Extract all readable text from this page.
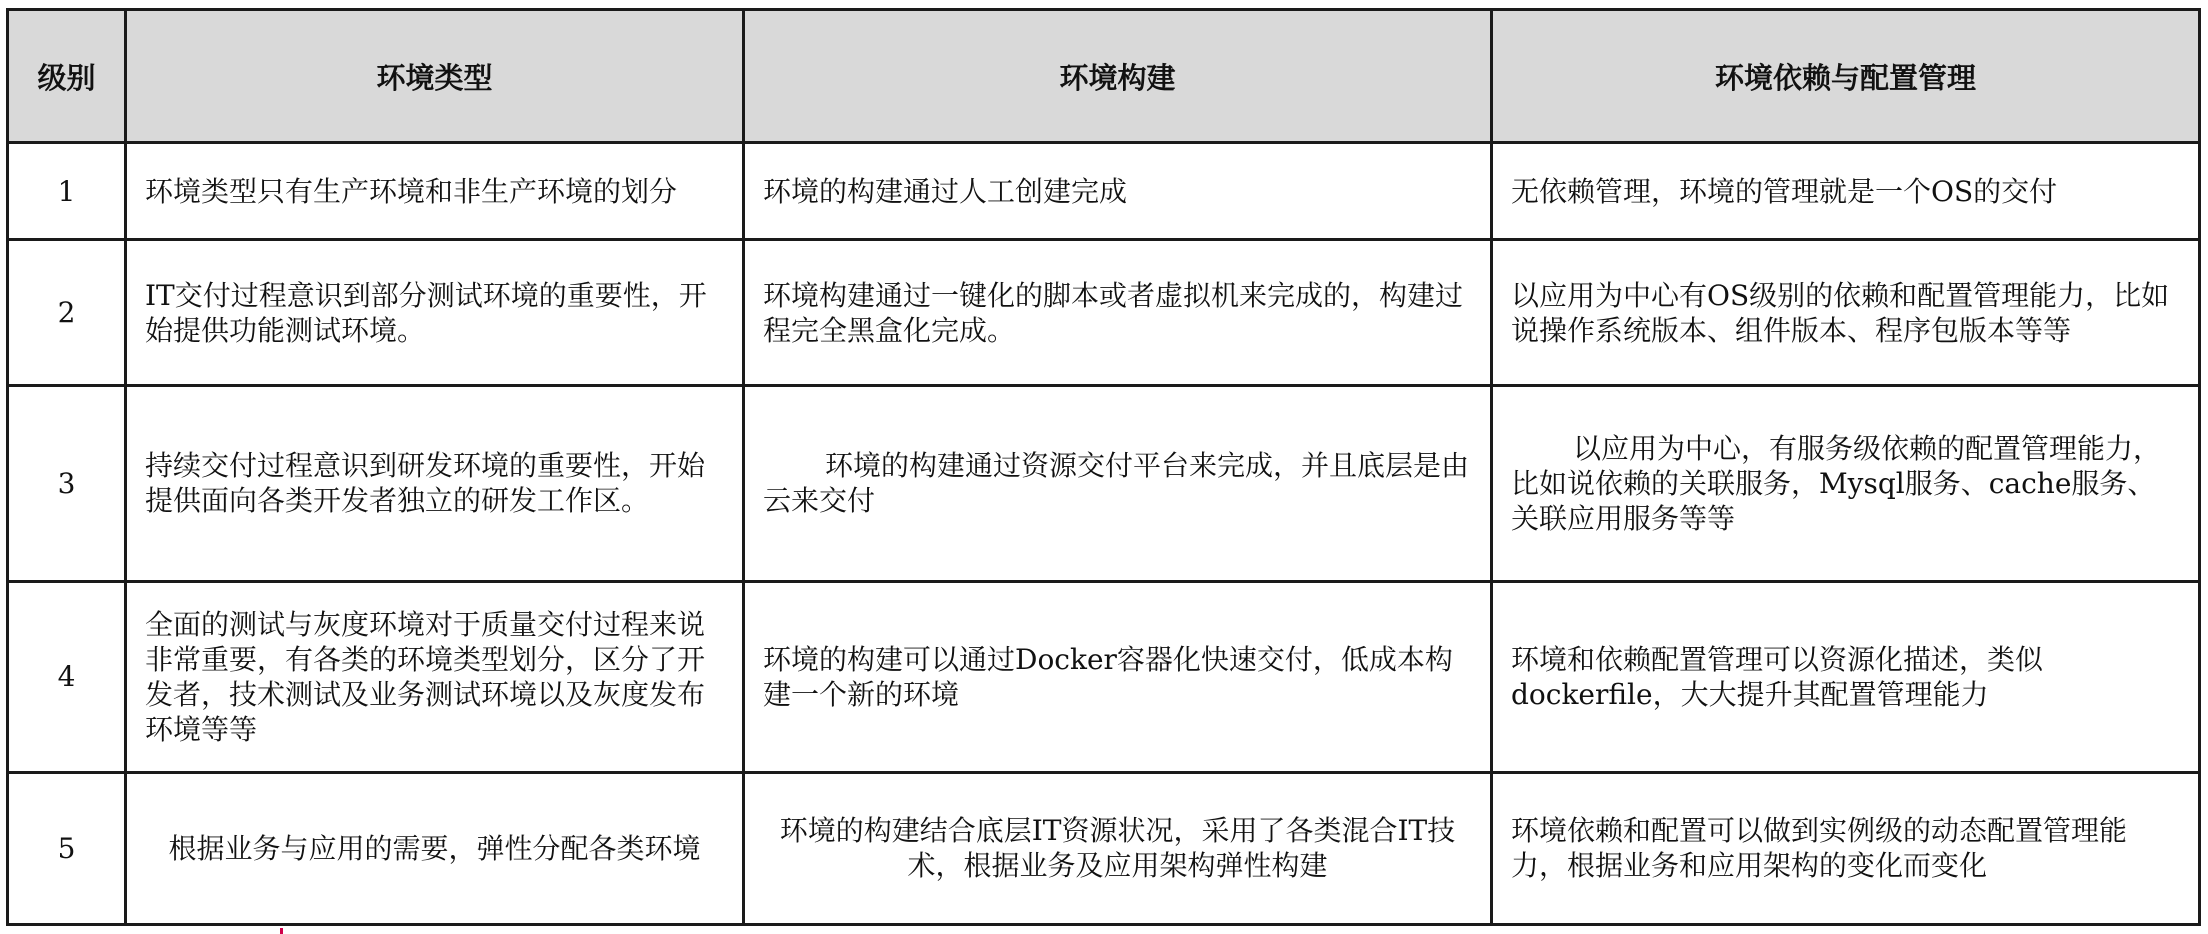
级别	环境类型	环境构建	环境依赖与配置管理
1	环境类型只有生产环境和非生产环境的划分	环境的构建通过人工创建完成	无依赖管理，环境的管理就是一个OS的交付
2	IT交付过程意识到部分测试环境的重要性，开始提供功能测试环境。	环境构建通过一键化的脚本或者虚拟机来完成的，构建过程完全黑盒化完成。	以应用为中心有OS级别的依赖和配置管理能力，比如说操作系统版本、组件版本、程序包版本等等
3	持续交付过程意识到研发环境的重要性，开始提供面向各类开发者独立的研发工作区。	环境的构建通过资源交付平台来完成，并且底层是由云来交付	以应用为中心，有服务级依赖的配置管理能力，比如说依赖的关联服务，Mysql服务、cache服务、关联应用服务等等
4	全面的测试与灰度环境对于质量交付过程来说非常重要，有各类的环境类型划分，区分了开发者，技术测试及业务测试环境以及灰度发布环境等等	环境的构建可以通过Docker容器化快速交付，低成本构建一个新的环境	环境和依赖配置管理可以资源化描述，类似dockerfile，大大提升其配置管理能力
5	根据业务与应用的需要，弹性分配各类环境	环境的构建结合底层IT资源状况，采用了各类混合IT技术，根据业务及应用架构弹性构建	环境依赖和配置可以做到实例级的动态配置管理能力，根据业务和应用架构的变化而变化
